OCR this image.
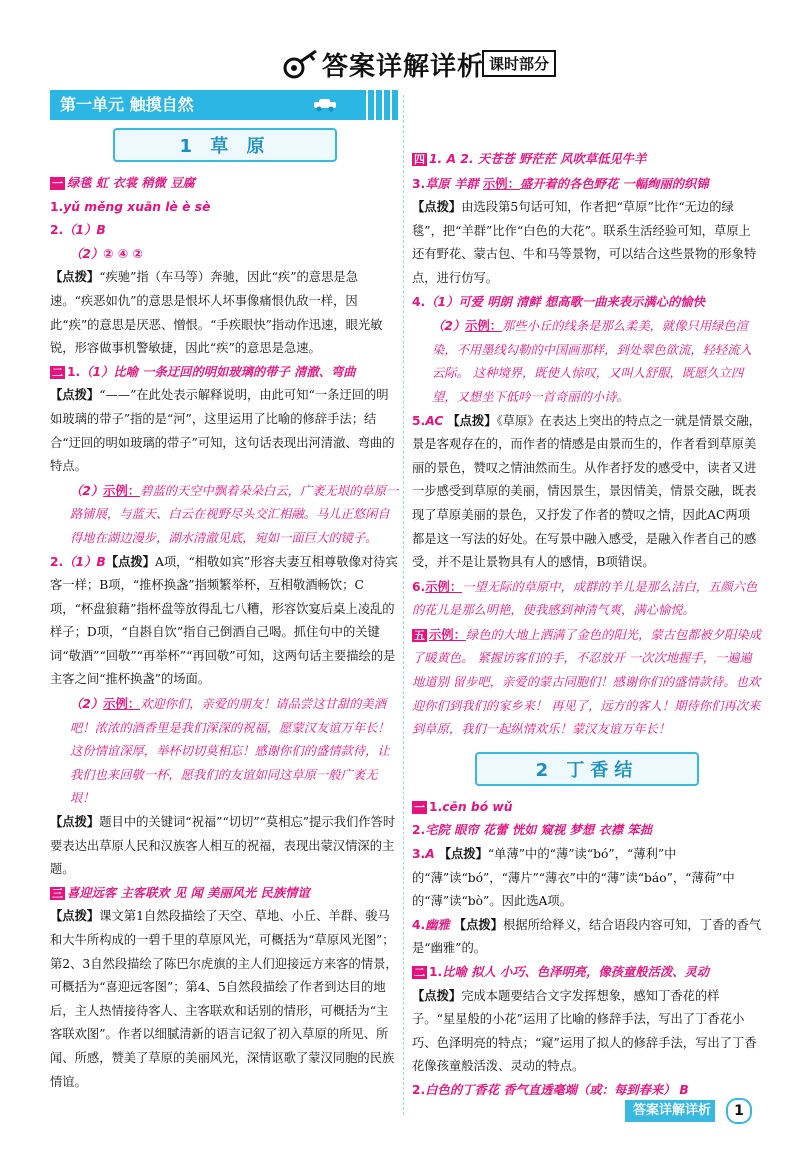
答案详解详析 课时部分
第一单元 触摸自然
1 草 原

一 绿毯 虹 衣裳 稍微 豆腐

1.yǔ měng xuān lè è sè

2.（1）B

（2）② ④ ②

【点拨】“疾驰”指（车马等）奔驰，因此“疾”的意思是急速。“疾恶如仇”的意思是恨坏人坏事像痛恨仇敌一样，因此“疾”的意思是厌恶、憎恨。“手疾眼快”指动作迅速，眼光敏锐，形容做事机警敏捷，因此“疾”的意思是急速。

二 1.（1）比喻 一条迂回的明如玻璃的带子 清澈、弯曲

【点拨】“——”在此处表示解释说明，由此可知“一条迂回的明如玻璃的带子”指的是“河”，这里运用了比喻的修辞手法；结合“迂回的明如玻璃的带子”可知，这句话表现出河清澈、弯曲的特点。

（2）示例：碧蓝的天空中飘着朵朵白云，广袤无垠的草原一路铺展，与蓝天、白云在视野尽头交汇相融。马儿正悠闲自得地在湖边漫步，湖水清澈见底，宛如一面巨大的镜子。

2.（1）B【点拨】A项，“相敬如宾”形容夫妻互相尊敬像对待宾客一样；B项，“推杯换盏”指频繁举杯，互相敬酒畅饮；C项，“杯盘狼藉”指杯盘等放得乱七八糟，形容饮宴后桌上凌乱的样子；D项，“自斟自饮”指自己倒酒自己喝。抓住句中的关键词“敬酒”“回敬”“再举杯”“再回敬”可知，这两句话主要描绘的是主客之间“推杯换盏”的场面。

（2）示例：欢迎你们，亲爱的朋友！请品尝这甘甜的美酒吧！浓浓的酒香里是我们深深的祝福，愿蒙汉友谊万年长！ 这份情谊深厚，举杯切切莫相忘！感谢你们的盛情款待，让我们也来回敬一杯，愿我们的友谊如同这草原一般广袤无垠！

【点拨】题目中的关键词“祝福”“切切”“莫相忘”提示我们作答时要表达出草原人民和汉族客人相互的祝福，表现出蒙汉情深的主题。

三 喜迎远客 主客联欢 见 闻 美丽风光 民族情谊

【点拨】课文第1自然段描绘了天空、草地、小丘、羊群、骏马和大牛所构成的一碧千里的草原风光，可概括为“草原风光图”；第2、3自然段描绘了陈巴尔虎旗的主人们迎接远方来客的情景，可概括为“喜迎远客图”；第4、5自然段描绘了作者到达目的地后，主人热情接待客人、主客联欢和话别的情形，可概括为“主客联欢图”。作者以细腻清新的语言记叙了初入草原的所见、所闻、所感，赞美了草原的美丽风光，深情讴歌了蒙汉同胞的民族情谊。

四 1. A 2. 天苍苍 野茫茫 风吹草低见牛羊

3.草原 羊群 示例：盛开着的各色野花 一幅绚丽的织锦

【点拨】由选段第5句话可知，作者把“草原”比作“无边的绿毯”，把“羊群”比作“白色的大花”。联系生活经验可知，草原上还有野花、蒙古包、牛和马等景物，可以结合这些景物的形象特点，进行仿写。

4.（1）可爱 明朗 清鲜 想高歌一曲来表示满心的愉快

（2）示例：那些小丘的线条是那么柔美，就像只用绿色渲染，不用墨线勾勒的中国画那样，到处翠色欲流，轻轻流入云际。 这种境界，既使人惊叹，又叫人舒服，既愿久立四望，又想坐下低吟一首奇丽的小诗。

5.AC 【点拨】《草原》在表达上突出的特点之一就是情景交融，景是客观存在的，而作者的情感是由景而生的，作者看到草原美丽的景色，赞叹之情油然而生。从作者抒发的感受中，读者又进一步感受到草原的美丽，情因景生，景因情美，情景交融，既表现了草原美丽的景色，又抒发了作者的赞叹之情，因此AC两项都是这一写法的好处。在写景中融入感受，是融入作者自己的感受，并不是让景物具有人的感情，B项错误。

6.示例：一望无际的草原中，成群的羊儿是那么洁白，五颜六色的花儿是那么明艳，使我感到神清气爽，满心愉悦。

五 示例：绿色的大地上洒满了金色的阳光，蒙古包都被夕阳染成了暖黄色。 紧握访客们的手，不忍放开 一次次地握手，一遍遍地道别 留步吧，亲爱的蒙古同胞们！感谢你们的盛情款待。也欢迎你们到我们的家乡来！ 再见了，远方的客人！期待你们再次来到草原，我们一起纵情欢乐！蒙汉友谊万年长！

2 丁香结

一 1.cēn bó wǔ

2.宅院 眼帘 花蕾 恍如 窥视 梦想 衣襟 笨拙

3.A 【点拨】“单薄”中的“薄”读“bó”，“薄利”中的“薄”读“bó”，“薄片”“薄衣”中的“薄”读“báo”，“薄荷”中的“薄”读“bò”。因此选A项。

4.幽雅 【点拨】根据所给释义，结合语段内容可知，丁香的香气是“幽雅”的。

二 1.比喻 拟人 小巧、色泽明亮，像孩童般活泼、灵动

【点拨】完成本题要结合文字发挥想象，感知丁香花的样子。“星星般的小花”运用了比喻的修辞手法，写出了丁香花小巧、色泽明亮的特点；“窥”运用了拟人的修辞手法，写出了丁香花像孩童般活泼、灵动的特点。

2.白色的丁香花 香气直透毫端（或：每到春来） B

答案详解详析	1
